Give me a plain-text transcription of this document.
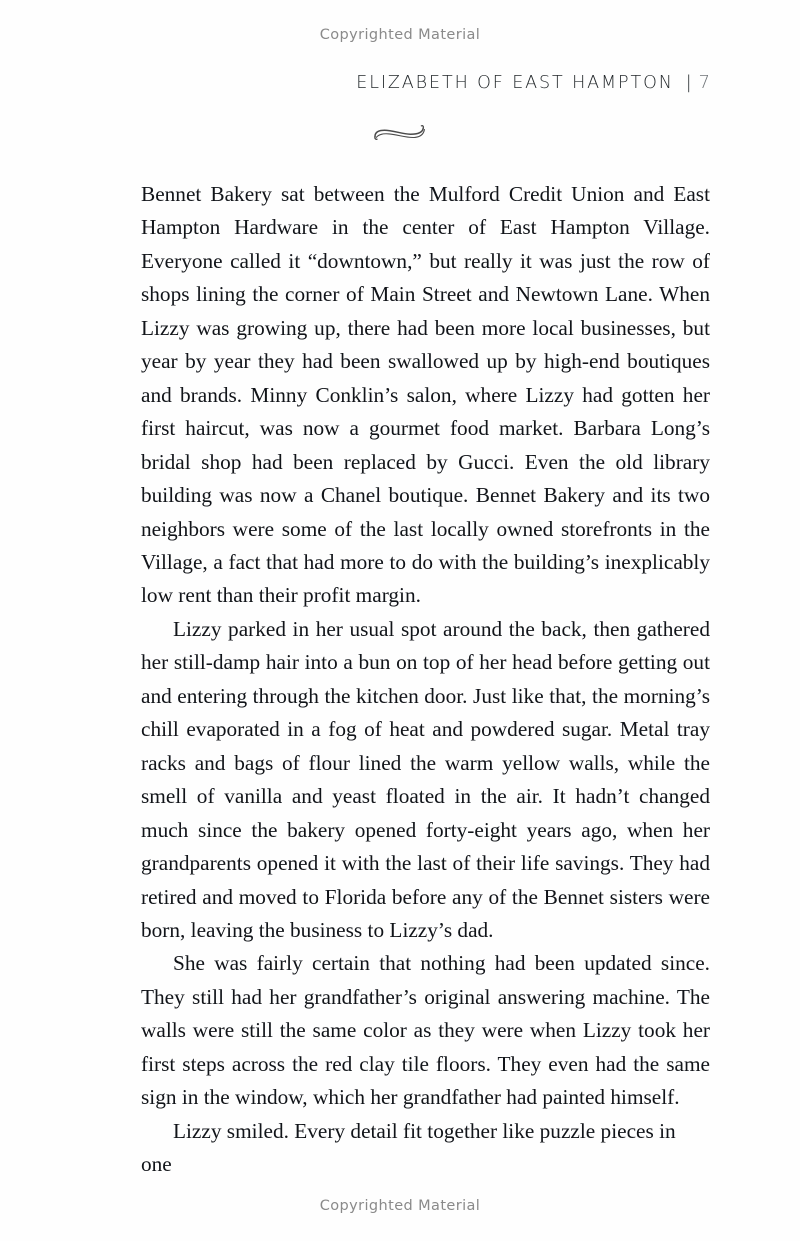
Copyrighted Material
ELIZABETH OF EAST HAMPTON | 7

Bennet Bakery sat between the Mulford Credit Union and East Hampton Hardware in the center of East Hampton Village. Everyone called it “downtown,” but really it was just the row of shops lining the corner of Main Street and Newtown Lane. When Lizzy was growing up, there had been more local businesses, but year by year they had been swallowed up by high-end boutiques and brands. Minny Conklin’s salon, where Lizzy had gotten her first haircut, was now a gourmet food market. Barbara Long’s bridal shop had been replaced by Gucci. Even the old library building was now a Chanel boutique. Bennet Bakery and its two neighbors were some of the last locally owned storefronts in the Village, a fact that had more to do with the building’s inexplicably low rent than their profit margin.

Lizzy parked in her usual spot around the back, then gathered her still-damp hair into a bun on top of her head before getting out and entering through the kitchen door. Just like that, the morning’s chill evaporated in a fog of heat and powdered sugar. Metal tray racks and bags of flour lined the warm yellow walls, while the smell of vanilla and yeast floated in the air. It hadn’t changed much since the bakery opened forty-eight years ago, when her grandparents opened it with the last of their life savings. They had retired and moved to Florida before any of the Bennet sisters were born, leaving the business to Lizzy’s dad.

She was fairly certain that nothing had been updated since. They still had her grandfather’s original answering machine. The walls were still the same color as they were when Lizzy took her first steps across the red clay tile floors. They even had the same sign in the window, which her grandfather had painted himself.

Lizzy smiled. Every detail fit together like puzzle pieces in one

Copyrighted Material
